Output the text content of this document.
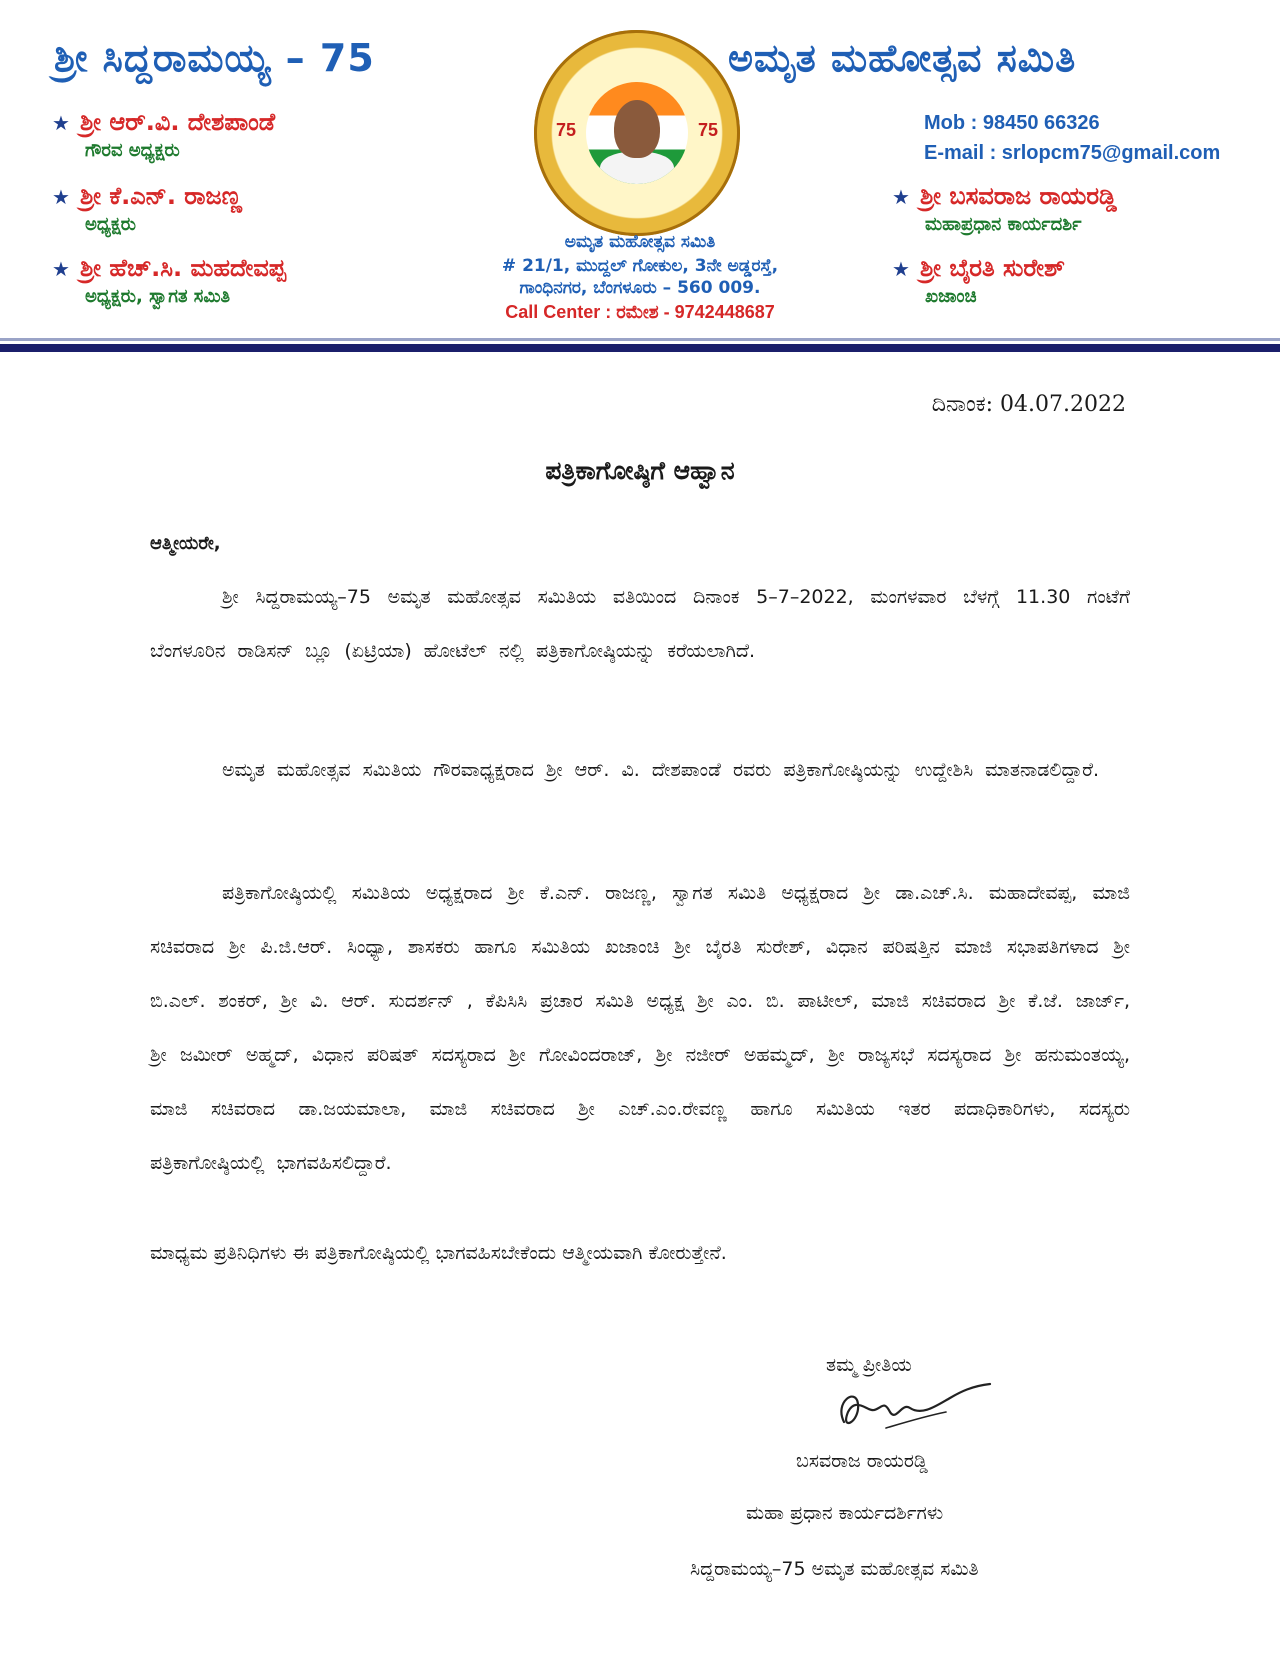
ಶ್ರೀ ಸಿದ್ದರಾಮಯ್ಯ – 75	ಅಮೃತ ಮಹೋತ್ಸವ ಸಮಿತಿ
★ ಶ್ರೀ ಆರ್.ವಿ. ದೇಶಪಾಂಡೆ
ಗೌರವ ಅಧ್ಯಕ್ಷರು
★ ಶ್ರೀ ಕೆ.ಎನ್. ರಾಜಣ್ಣ
ಅಧ್ಯಕ್ಷರು
★ ಶ್ರೀ ಹೆಚ್.ಸಿ. ಮಹದೇವಪ್ಪ
ಅಧ್ಯಕ್ಷರು, ಸ್ವಾಗತ ಸಮಿತಿ
75	75
ಅಮೃತ ಮಹೋತ್ಸವ ಸಮಿತಿ
# 21/1, ಮುದ್ದಲ್ ಗೋಕುಲ, 3ನೇ ಅಡ್ಡರಸ್ತೆ,
ಗಾಂಧಿನಗರ, ಬೆಂಗಳೂರು – 560 009.
Call Center : ರಮೇಶ - 9742448687
Mob : 98450 66326
E-mail : srlopcm75@gmail.com
★ ಶ್ರೀ ಬಸವರಾಜ ರಾಯರಡ್ಡಿ
ಮಹಾಪ್ರಧಾನ ಕಾರ್ಯದರ್ಶಿ
★ ಶ್ರೀ ಬೈರತಿ ಸುರೇಶ್
ಖಜಾಂಚಿ
ದಿನಾಂಕ: 04.07.2022
ಪತ್ರಿಕಾಗೋಷ್ಠಿಗೆ ಆಹ್ವಾನ
ಆತ್ಮೀಯರೇ,
ಶ್ರೀ ಸಿದ್ದರಾಮಯ್ಯ–75 ಅಮೃತ ಮಹೋತ್ಸವ ಸಮಿತಿಯ ವತಿಯಿಂದ ದಿನಾಂಕ 5–7–2022, ಮಂಗಳವಾರ ಬೆಳಗ್ಗೆ 11.30 ಗಂಟೆಗೆ ಬೆಂಗಳೂರಿನ ರಾಡಿಸನ್ ಬ್ಲೂ (ಏಟ್ರಿಯಾ) ಹೋಟೆಲ್ ನಲ್ಲಿ ಪತ್ರಿಕಾಗೋಷ್ಠಿಯನ್ನು ಕರೆಯಲಾಗಿದೆ.
ಅಮೃತ ಮಹೋತ್ಸವ ಸಮಿತಿಯ ಗೌರವಾಧ್ಯಕ್ಷರಾದ ಶ್ರೀ ಆರ್. ವಿ. ದೇಶಪಾಂಡೆ ರವರು ಪತ್ರಿಕಾಗೋಷ್ಠಿಯನ್ನು ಉದ್ದೇಶಿಸಿ ಮಾತನಾಡಲಿದ್ದಾರೆ.
ಪತ್ರಿಕಾಗೋಷ್ಠಿಯಲ್ಲಿ ಸಮಿತಿಯ ಅಧ್ಯಕ್ಷರಾದ ಶ್ರೀ ಕೆ.ಎನ್. ರಾಜಣ್ಣ, ಸ್ವಾಗತ ಸಮಿತಿ ಅಧ್ಯಕ್ಷರಾದ ಶ್ರೀ ಡಾ.ಎಚ್.ಸಿ. ಮಹಾದೇವಪ್ಪ, ಮಾಜಿ ಸಚಿವರಾದ ಶ್ರೀ ಪಿ.ಜಿ.ಆರ್. ಸಿಂಧ್ಯಾ, ಶಾಸಕರು ಹಾಗೂ ಸಮಿತಿಯ ಖಜಾಂಚಿ ಶ್ರೀ ಬೈರತಿ ಸುರೇಶ್, ವಿಧಾನ ಪರಿಷತ್ತಿನ ಮಾಜಿ ಸಭಾಪತಿಗಳಾದ ಶ್ರೀ ಬಿ.ಎಲ್. ಶಂಕರ್, ಶ್ರೀ ವಿ. ಆರ್. ಸುದರ್ಶನ್ , ಕೆಪಿಸಿಸಿ ಪ್ರಚಾರ ಸಮಿತಿ ಅಧ್ಯಕ್ಷ ಶ್ರೀ ಎಂ. ಬಿ. ಪಾಟೀಲ್, ಮಾಜಿ ಸಚಿವರಾದ ಶ್ರೀ ಕೆ.ಜೆ. ಜಾರ್ಜ್, ಶ್ರೀ ಜಮೀರ್ ಅಹ್ಮದ್, ವಿಧಾನ ಪರಿಷತ್ ಸದಸ್ಯರಾದ ಶ್ರೀ ಗೋವಿಂದರಾಜ್, ಶ್ರೀ ನಜೀರ್ ಅಹಮ್ಮದ್, ಶ್ರೀ ರಾಜ್ಯಸಭೆ ಸದಸ್ಯರಾದ ಶ್ರೀ ಹನುಮಂತಯ್ಯ, ಮಾಜಿ ಸಚಿವರಾದ ಡಾ.ಜಯಮಾಲಾ, ಮಾಜಿ ಸಚಿವರಾದ ಶ್ರೀ ಎಚ್.ಎಂ.ರೇವಣ್ಣ ಹಾಗೂ ಸಮಿತಿಯ ಇತರ ಪದಾಧಿಕಾರಿಗಳು, ಸದಸ್ಯರು ಪತ್ರಿಕಾಗೋಷ್ಠಿಯಲ್ಲಿ ಭಾಗವಹಿಸಲಿದ್ದಾರೆ.
ಮಾಧ್ಯಮ ಪ್ರತಿನಿಧಿಗಳು ಈ ಪತ್ರಿಕಾಗೋಷ್ಠಿಯಲ್ಲಿ ಭಾಗವಹಿಸಬೇಕೆಂದು ಆತ್ಮೀಯವಾಗಿ ಕೋರುತ್ತೇನೆ.
ತಮ್ಮ ಪ್ರೀತಿಯ
ಬಸವರಾಜ ರಾಯರಡ್ಡಿ
ಮಹಾ ಪ್ರಧಾನ ಕಾರ್ಯದರ್ಶಿಗಳು
ಸಿದ್ದರಾಮಯ್ಯ–75 ಅಮೃತ ಮಹೋತ್ಸವ ಸಮಿತಿ
